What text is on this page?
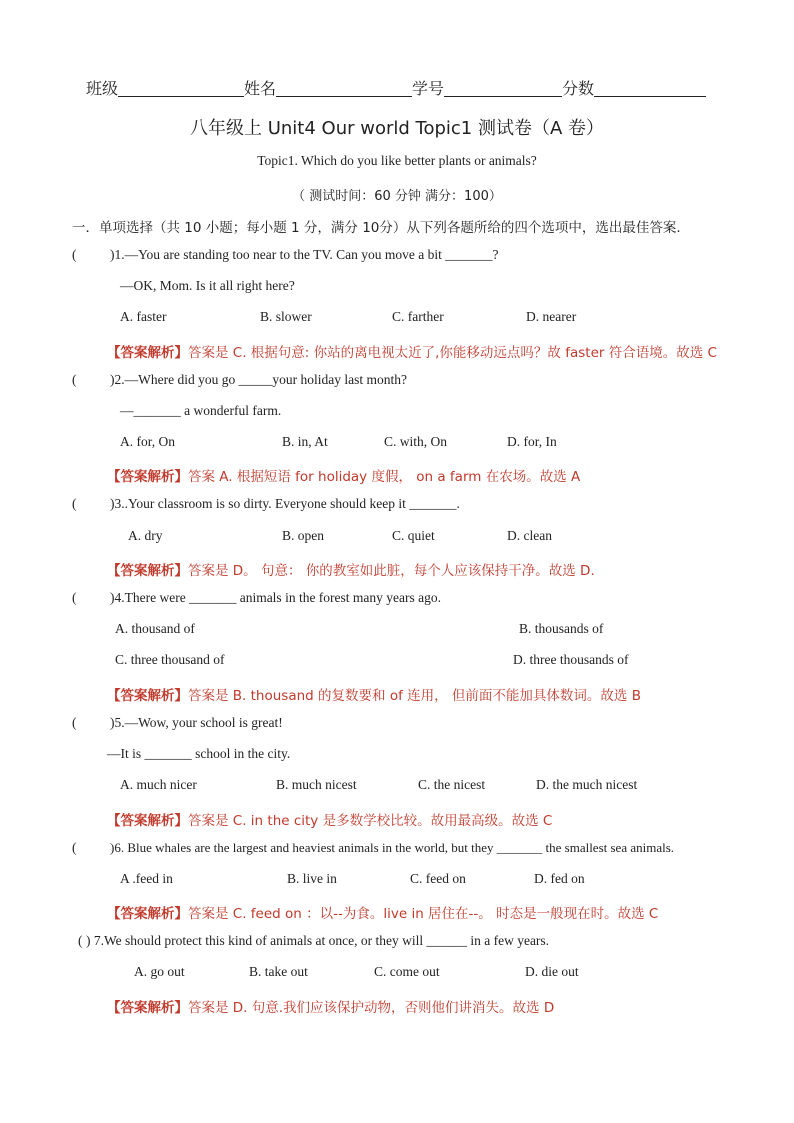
班级	姓名	学号	分数
八年级上 Unit4 Our world Topic1 测试卷（A 卷）
Topic1. Which do you like better plants or animals?
（ 测试时间：60 分钟 满分：100）
一．单项选择（共 10 小题；每小题 1 分，满分 10分）从下列各题所给的四个选项中，选出最佳答案.
( )1.—You are standing too near to the TV. Can you move a bit _______?
—OK, Mom. Is it all right here?
A. faster	B. slower	C. farther	D. nearer
【答案解析】答案是 C. 根据句意: 你站的离电视太近了,你能移动远点吗？故 faster 符合语境。故选 C
( )2.—Where did you go _____your holiday last month?
—_______ a wonderful farm.
A. for, On	B. in, At	C. with, On	D. for, In
【答案解析】答案 A. 根据短语 for holiday 度假， on a farm 在农场。故选 A
( )3..Your classroom is so dirty. Everyone should keep it _______.
A. dry	B. open	C. quiet	D. clean
【答案解析】答案是 D。 句意： 你的教室如此脏，每个人应该保持干净。故选 D.
( )4.There were _______ animals in the forest many years ago.
A. thousand of	B. thousands of
C. three thousand of	D. three thousands of
【答案解析】答案是 B. thousand 的复数要和 of 连用， 但前面不能加具体数词。故选 B
( )5.—Wow, your school is great!
—It is _______ school in the city.
A. much nicer	B. much nicest	C. the nicest	D. the much nicest
【答案解析】答案是 C. in the city 是多数学校比较。故用最高级。故选 C
(	)6. Blue whales are the largest and heaviest animals in the world, but they _______ the smallest sea animals.
A .feed in	B. live in	C. feed on	D. fed on
【答案解析】答案是 C. feed on ：以--为食。live in 居住在--。 时态是一般现在时。故选 C
( ) 7.We should protect this kind of animals at once, or they will ______ in a few years.
A. go out	B. take out	C. come out	D. die out
【答案解析】答案是 D. 句意.我们应该保护动物，否则他们讲消失。故选 D
